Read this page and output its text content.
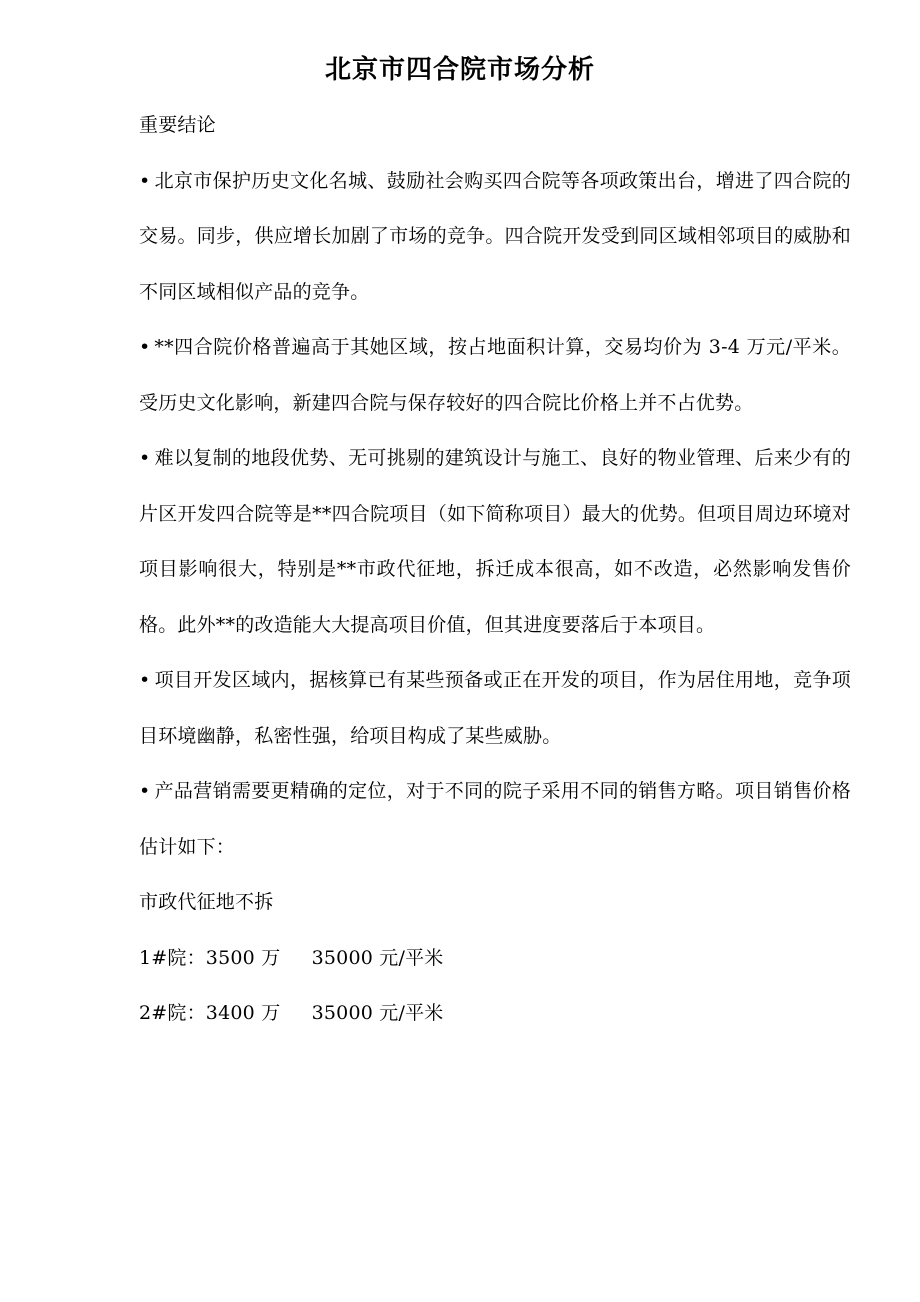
北京市四合院市场分析

重要结论

• 北京市保护历史文化名城、鼓励社会购买四合院等各项政策出台，增进了四合院的交易。同步，供应增长加剧了市场的竞争。四合院开发受到同区域相邻项目的威胁和不同区域相似产品的竞争。

• **四合院价格普遍高于其她区域，按占地面积计算，交易均价为 3-4 万元/平米。受历史文化影响，新建四合院与保存较好的四合院比价格上并不占优势。

• 难以复制的地段优势、无可挑剔的建筑设计与施工、良好的物业管理、后来少有的片区开发四合院等是**四合院项目（如下简称项目）最大的优势。但项目周边环境对项目影响很大，特别是**市政代征地，拆迁成本很高，如不改造，必然影响发售价格。此外**的改造能大大提高项目价值，但其进度要落后于本项目。

• 项目开发区域内，据核算已有某些预备或正在开发的项目，作为居住用地，竞争项目环境幽静，私密性强，给项目构成了某些威胁。

• 产品营销需要更精确的定位，对于不同的院子采用不同的销售方略。项目销售价格估计如下：

市政代征地不拆

1#院：3500 万     35000 元/平米

2#院：3400 万     35000 元/平米
